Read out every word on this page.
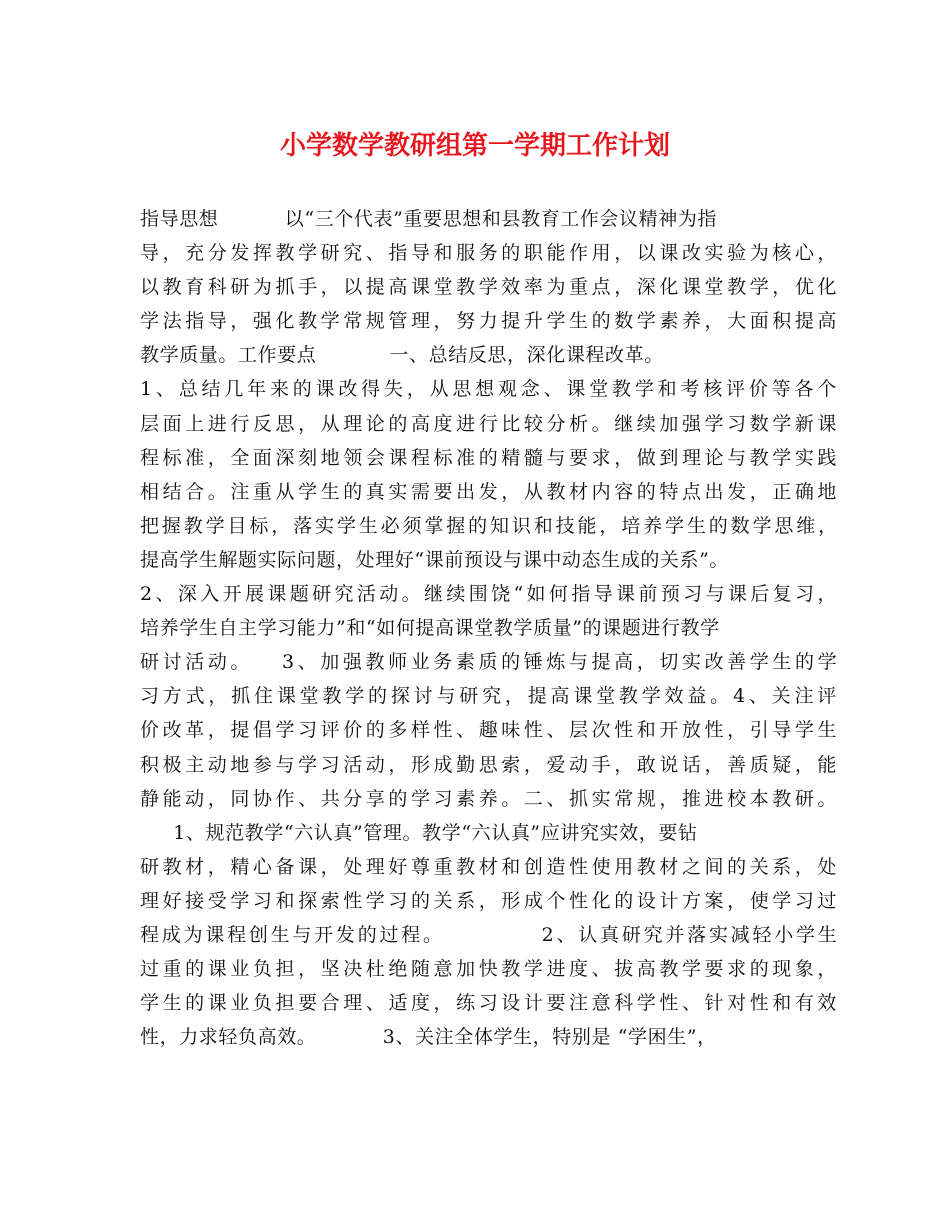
小学数学教研组第一学期工作计划
指导思想          以“三个代表”重要思想和县教育工作会议精神为指
导，充分发挥教学研究、指导和服务的职能作用，以课改实验为核心，
以教育科研为抓手，以提高课堂教学效率为重点，深化课堂教学，优化
学法指导，强化教学常规管理，努力提升学生的数学素养，大面积提高
教学质量。工作要点           一、总结反思，深化课程改革。
1、总结几年来的课改得失，从思想观念、课堂教学和考核评价等各个
层面上进行反思，从理论的高度进行比较分析。继续加强学习数学新课
程标准，全面深刻地领会课程标准的精髓与要求，做到理论与教学实践
相结合。注重从学生的真实需要出发，从教材内容的特点出发，正确地
把握教学目标，落实学生必须掌握的知识和技能，培养学生的数学思维，
提高学生解题实际问题，处理好“课前预设与课中动态生成的关系”。
2、深入开展课题研究活动。继续围饶“如何指导课前预习与课后复习，
培养学生自主学习能力”和“如何提高课堂教学质量”的课题进行教学
研讨活动。   3、加强教师业务素质的锤炼与提高，切实改善学生的学
习方式，抓住课堂教学的探讨与研究，提高课堂教学效益。4、关注评
价改革，提倡学习评价的多样性、趣味性、层次性和开放性，引导学生
积极主动地参与学习活动，形成勤思索，爱动手，敢说话，善质疑，能
静能动，同协作、共分享的学习素养。二、抓实常规，推进校本教研。
1、规范教学“六认真”管理。教学“六认真”应讲究实效，要钻
研教材，精心备课，处理好尊重教材和创造性使用教材之间的关系，处
理好接受学习和探索性学习的关系，形成个性化的设计方案，使学习过
程成为课程创生与开发的过程。           2、认真研究并落实减轻小学生
过重的课业负担，坚决杜绝随意加快教学进度、拔高教学要求的现象，
学生的课业负担要合理、适度，练习设计要注意科学性、针对性和有效
性，力求轻负高效。          3、关注全体学生，特别是 “学困生”，
